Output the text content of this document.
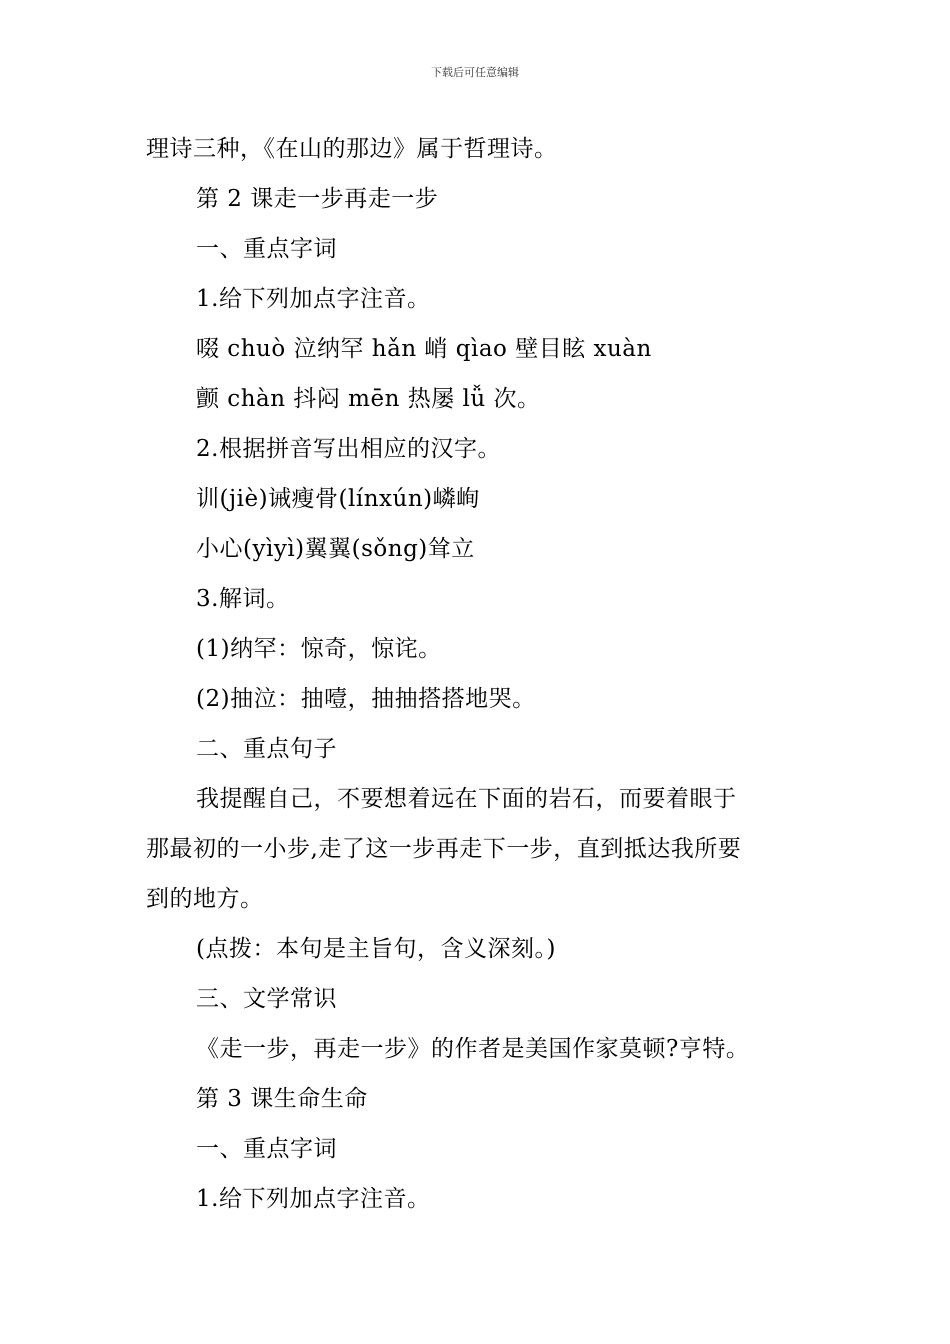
下载后可任意编辑
理诗三种，《在山的那边》属于哲理诗。
第 2 课走一步再走一步
一、重点字词
1.给下列加点字注音。
啜 chuò 泣纳罕 hǎn 峭 qìao 壁目眩 xuàn
颤 chàn 抖闷 mēn 热屡 lǚ 次。
2.根据拼音写出相应的汉字。
训(jiè)诫瘦骨(línxún)嶙峋
小心(yìyì)翼翼(sǒng)耸立
3.解词。
(1)纳罕：惊奇，惊诧。
(2)抽泣：抽噎，抽抽搭搭地哭。
二、重点句子
我提醒自己，不要想着远在下面的岩石，而要着眼于
那最初的一小步,走了这一步再走下一步，直到抵达我所要
到的地方。
(点拨：本句是主旨句，含义深刻。)
三、文学常识
《走一步，再走一步》的作者是美国作家莫顿?亨特。
第 3 课生命生命
一、重点字词
1.给下列加点字注音。
